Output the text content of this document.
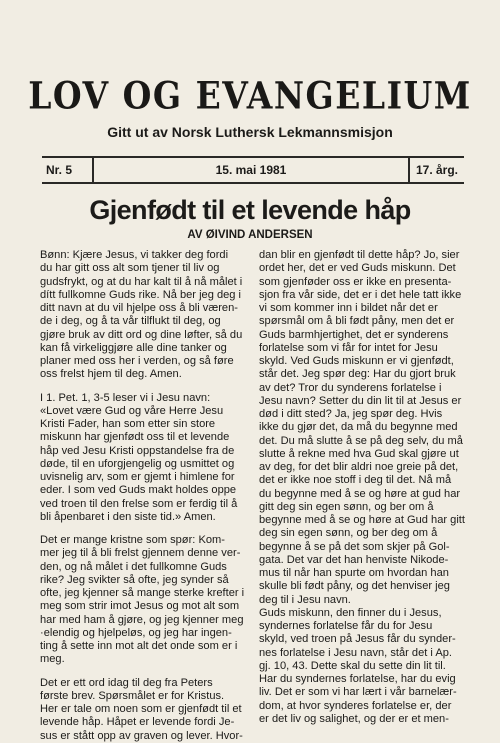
LOV OG EVANGELIUM
Gitt ut av Norsk Luthersk Lekmannsmisjon
Nr. 5	15. mai 1981	17. årg.
Gjenfødt til et levende håp
AV ØIVIND ANDERSEN

Bønn: Kjære Jesus, vi takker deg fordi
du har gitt oss alt som tjener til liv og
gudsfrykt, og at du har kalt til å nå målet i
dítt fullkomne Guds rike. Nå ber jeg deg i
ditt navn at du vil hjelpe oss å bli væren-
de i deg, og å ta vår tilflukt til deg, og
gjøre bruk av ditt ord og dine løfter, så du
kan få virkeliggjøre alle dine tanker og
planer med oss her i verden, og så føre
oss frelst hjem til deg. Amen.

I 1. Pet. 1, 3-5 leser vi i Jesu navn:
«Lovet være Gud og våre Herre Jesu
Kristi Fader, han som etter sin store
miskunn har gjenfødt oss til et levende
håp ved Jesu Kristi oppstandelse fra de
døde, til en uforgjengelig og usmittet og
uvisnelig arv, som er gjemt i himlene for
eder. I som ved Guds makt holdes oppe
ved troen til den frelse som er ferdig til å
bli åpenbaret i den siste tid.» Amen.

Det er mange kristne som spør: Kom-
mer jeg til å bli frelst gjennem denne ver-
den, og nå målet i det fullkomne Guds
rike? Jeg svikter så ofte, jeg synder så
ofte, jeg kjenner så mange sterke krefter i
meg som strir imot Jesus og mot alt som
har med ham å gjøre, og jeg kjenner meg
·elendig og hjelpeløs, og jeg har ingen-
ting å sette inn mot alt det onde som er i
meg.

Det er ett ord idag til deg fra Peters
første brev. Spørsmålet er for Kristus.
Her er tale om noen som er gjenfødt til et
levende håp. Håpet er levende fordi Je-
sus er stått opp av graven og lever. Hvor-

dan blir en gjenfødt til dette håp? Jo, sier
ordet her, det er ved Guds miskunn. Det
som gjenføder oss er ikke en presenta-
sjon fra vår side, det er i det hele tatt ikke
vi som kommer inn i bildet når det er
spørsmål om å bli født påny, men det er
Guds barmhjertighet, det er synderens
forlatelse som vi får for intet for Jesu
skyld. Ved Guds miskunn er vi gjenfødt,
står det. Jeg spør deg: Har du gjort bruk
av det? Tror du synderens forlatelse i
Jesu navn? Setter du din lit til at Jesus er
død i ditt sted? Ja, jeg spør deg. Hvis
ikke du gjør det, da må du begynne med
det. Du må slutte å se på deg selv, du må
slutte å rekne med hva Gud skal gjøre ut
av deg, for det blir aldri noe greie på det,
det er ikke noe stoff i deg til det. Nå må
du begynne med å se og høre at gud har
gitt deg sin egen sønn, og ber om å
begynne med å se og høre at Gud har gitt
deg sin egen sønn, og ber deg om å
begynne å se på det som skjer på Gol-
gata. Det var det han henviste Nikode-
mus til når han spurte om hvordan han
skulle bli født påny, og det henviser jeg
deg til i Jesu navn.

Guds miskunn, den finner du i Jesus,
syndernes forlatelse får du for Jesu
skyld, ved troen på Jesus får du synder-
nes forlatelse i Jesu navn, står det i Ap.
gj. 10, 43. Dette skal du sette din lit til.
Har du syndernes forlatelse, har du evig
liv. Det er som vi har lært i vår barnelær-
dom, at hvor synderes forlatelse er, der
er det liv og salighet, og der er et men-
